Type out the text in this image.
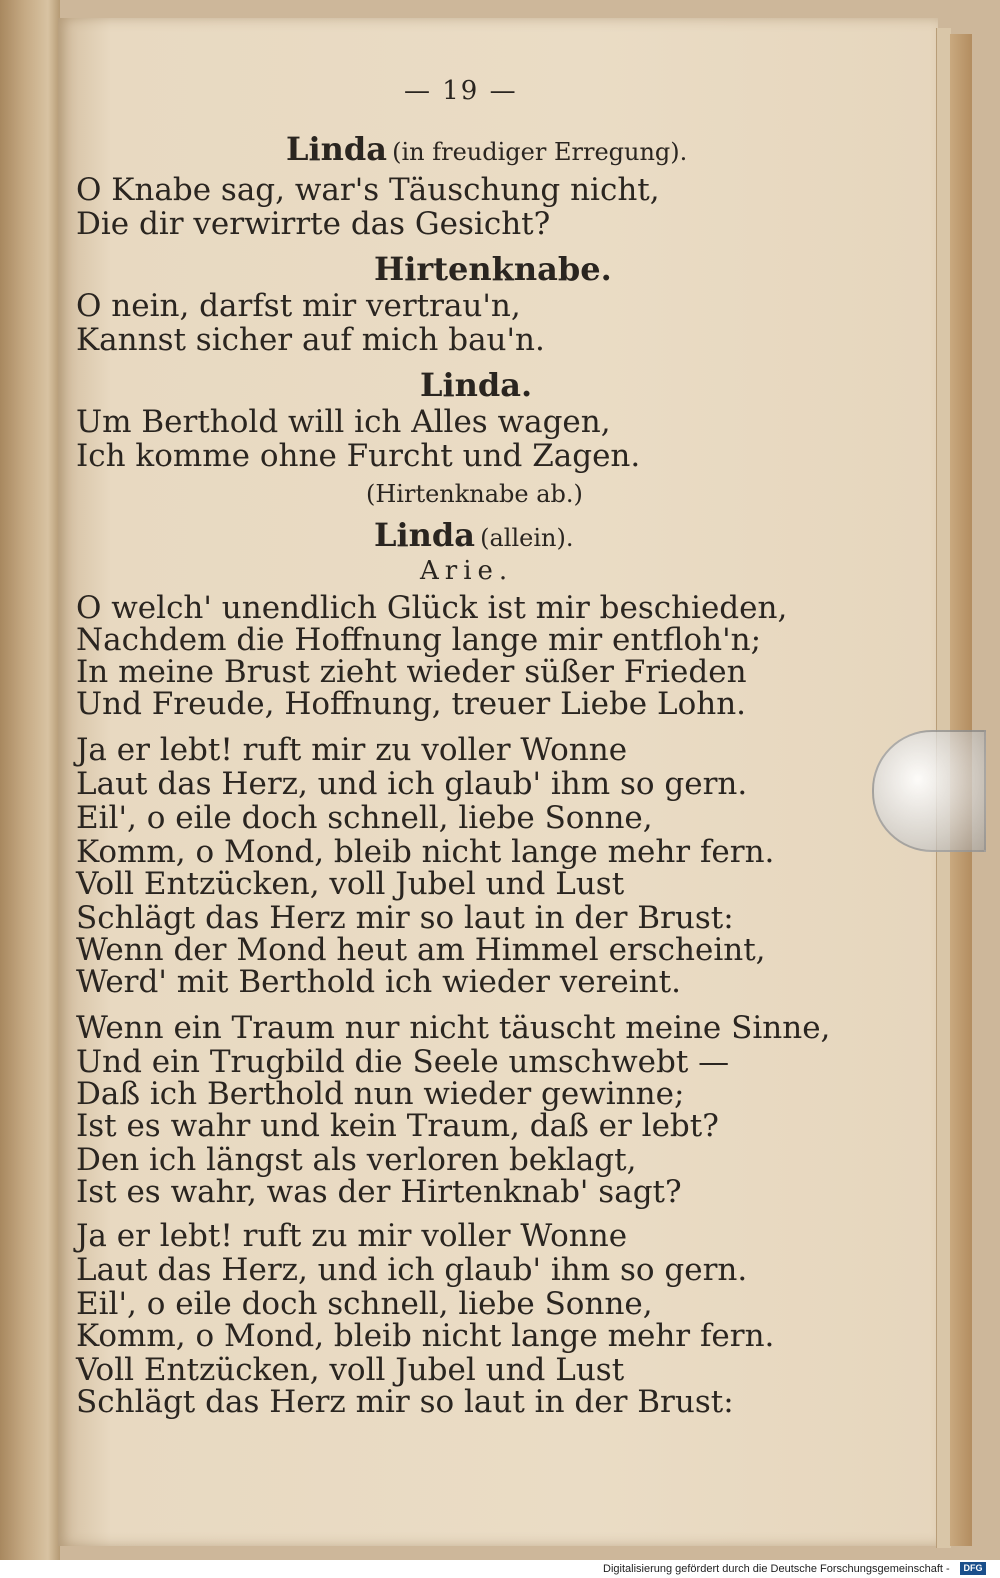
— 19 —
Linda (in freudiger Erregung).
O Knabe sag, war's Täuschung nicht,
Die dir verwirrte das Gesicht?
Hirtenknabe.
O nein, darfst mir vertrau'n,
Kannst sicher auf mich bau'n.
Linda.
Um Berthold will ich Alles wagen,
Ich komme ohne Furcht und Zagen.
(Hirtenknabe ab.)
Linda (allein).
Arie.
O welch' unendlich Glück ist mir beschieden,
Nachdem die Hoffnung lange mir entfloh'n;
In meine Brust zieht wieder süßer Frieden
Und Freude, Hoffnung, treuer Liebe Lohn.
Ja er lebt! ruft mir zu voller Wonne
Laut das Herz, und ich glaub' ihm so gern.
Eil', o eile doch schnell, liebe Sonne,
Komm, o Mond, bleib nicht lange mehr fern.
Voll Entzücken, voll Jubel und Lust
Schlägt das Herz mir so laut in der Brust:
Wenn der Mond heut am Himmel erscheint,
Werd' mit Berthold ich wieder vereint.
Wenn ein Traum nur nicht täuscht meine Sinne,
Und ein Trugbild die Seele umschwebt —
Daß ich Berthold nun wieder gewinne;
Ist es wahr und kein Traum, daß er lebt?
Den ich längst als verloren beklagt,
Ist es wahr, was der Hirtenknab' sagt?
Ja er lebt! ruft zu mir voller Wonne
Laut das Herz, und ich glaub' ihm so gern.
Eil', o eile doch schnell, liebe Sonne,
Komm, o Mond, bleib nicht lange mehr fern.
Voll Entzücken, voll Jubel und Lust
Schlägt das Herz mir so laut in der Brust:
Digitalisierung gefördert durch die Deutsche Forschungsgemeinschaft -	DFG
